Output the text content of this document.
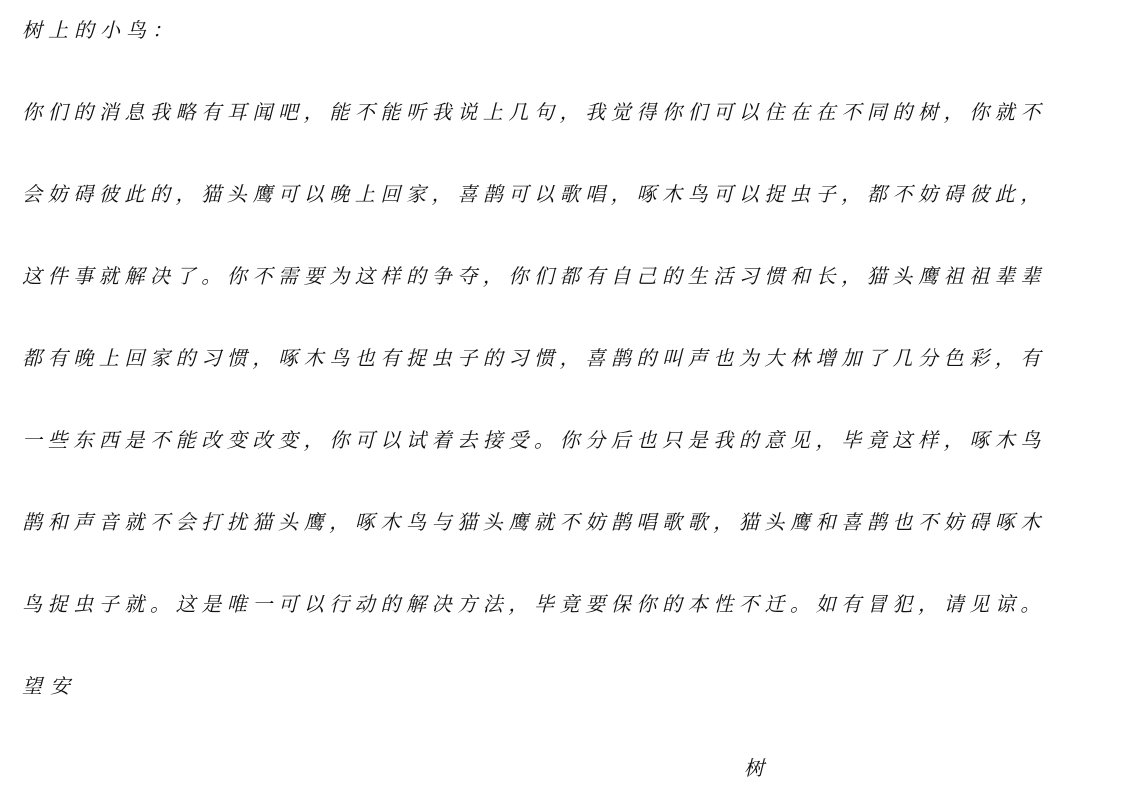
树上的小鸟：
你们的消息我略有耳闻吧，能不能听我说上几句，我觉得你们可以住在在不同的树，你就不
会妨碍彼此的，猫头鹰可以晚上回家，喜鹊可以歌唱，啄木鸟可以捉虫子，都不妨碍彼此，
这件事就解决了。你不需要为这样的争夺，你们都有自己的生活习惯和长，猫头鹰祖祖辈辈
都有晚上回家的习惯，啄木鸟也有捉虫子的习惯，喜鹊的叫声也为大林增加了几分色彩，有
一些东西是不能改变改变，你可以试着去接受。你分后也只是我的意见，毕竟这样，啄木鸟
鹊和声音就不会打扰猫头鹰，啄木鸟与猫头鹰就不妨鹊唱歌歌，猫头鹰和喜鹊也不妨碍啄木
鸟捉虫子就。这是唯一可以行动的解决方法，毕竟要保你的本性不迁。如有冒犯，请见谅。
望安
树
